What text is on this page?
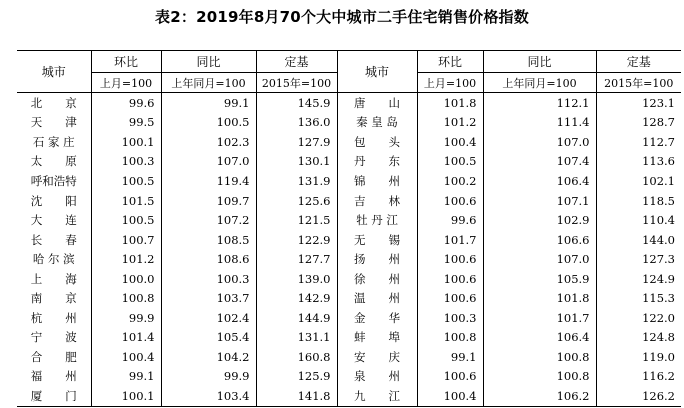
表2：2019年8月70个大中城市二手住宅销售价格指数
城市	环比	同比	定基	城市	环比	同比	定基
	上月=100	上年同月=100	2015年=100		上月=100	上年同月=100	2015年=100
北　　京	99.6	99.1	145.9	唐　　山	101.8	112.1	123.1
天　　津	99.5	100.5	136.0	秦 皇 岛	101.2	111.4	128.7
石 家 庄	100.1	102.3	127.9	包　　头	100.4	107.0	112.7
太　　原	100.3	107.0	130.1	丹　　东	100.5	107.4	113.6
呼和浩特	100.5	119.4	131.9	锦　　州	100.2	106.4	102.1
沈　　阳	101.5	109.7	125.6	吉　　林	100.6	107.1	118.5
大　　连	100.5	107.2	121.5	牡 丹 江	99.6	102.9	110.4
长　　春	100.7	108.5	122.9	无　　锡	101.7	106.6	144.0
哈 尔 滨	101.2	108.6	127.7	扬　　州	100.6	107.0	127.3
上　　海	100.0	100.3	139.0	徐　　州	100.6	105.9	124.9
南　　京	100.8	103.7	142.9	温　　州	100.6	101.8	115.3
杭　　州	99.9	102.4	144.9	金　　华	100.3	101.7	122.0
宁　　波	101.4	105.4	131.1	蚌　　埠	100.8	106.4	124.8
合　　肥	100.4	104.2	160.8	安　　庆	99.1	100.8	119.0
福　　州	99.1	99.9	125.9	泉　　州	100.6	100.8	116.2
厦　　门	100.1	103.4	141.8	九　　江	100.4	106.2	126.2
